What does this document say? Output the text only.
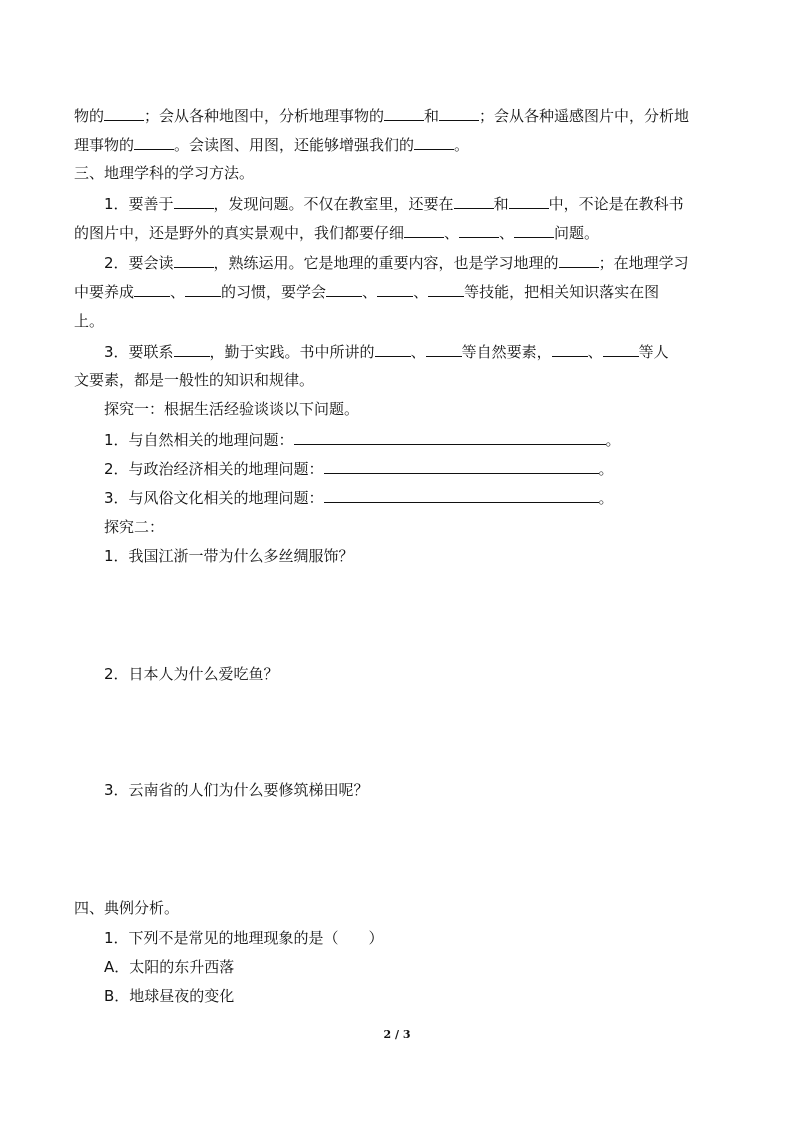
物的	；会从各种地图中，分析地理事物的	和	；会从各种遥感图片中，分析地
理事物的	。会读图、用图，还能够增强我们的	。
三、地理学科的学习方法。
1．要善于	，发现问题。不仅在教室里，还要在	和	中，不论是在教科书
的图片中，还是野外的真实景观中，我们都要仔细	、	、	问题。
2．要会读	，熟练运用。它是地理的重要内容，也是学习地理的	；在地理学习
中要养成 、 的习惯，要学会 、 、 等技能，把相关知识落实在图
上。
3．要联系 ，勤于实践。书中所讲的 、 等自然要素， 、 等人
文要素，都是一般性的知识和规律。
探究一：根据生活经验谈谈以下问题。
1．与自然相关的地理问题：	。
2．与政治经济相关的地理问题：	。
3．与风俗文化相关的地理问题：	。
探究二：
1．我国江浙一带为什么多丝绸服饰？
2．日本人为什么爱吃鱼？
3．云南省的人们为什么要修筑梯田呢？
四、典例分析。
1．下列不是常见的地理现象的是（　　）
A．太阳的东升西落
B．地球昼夜的变化
2 / 3
